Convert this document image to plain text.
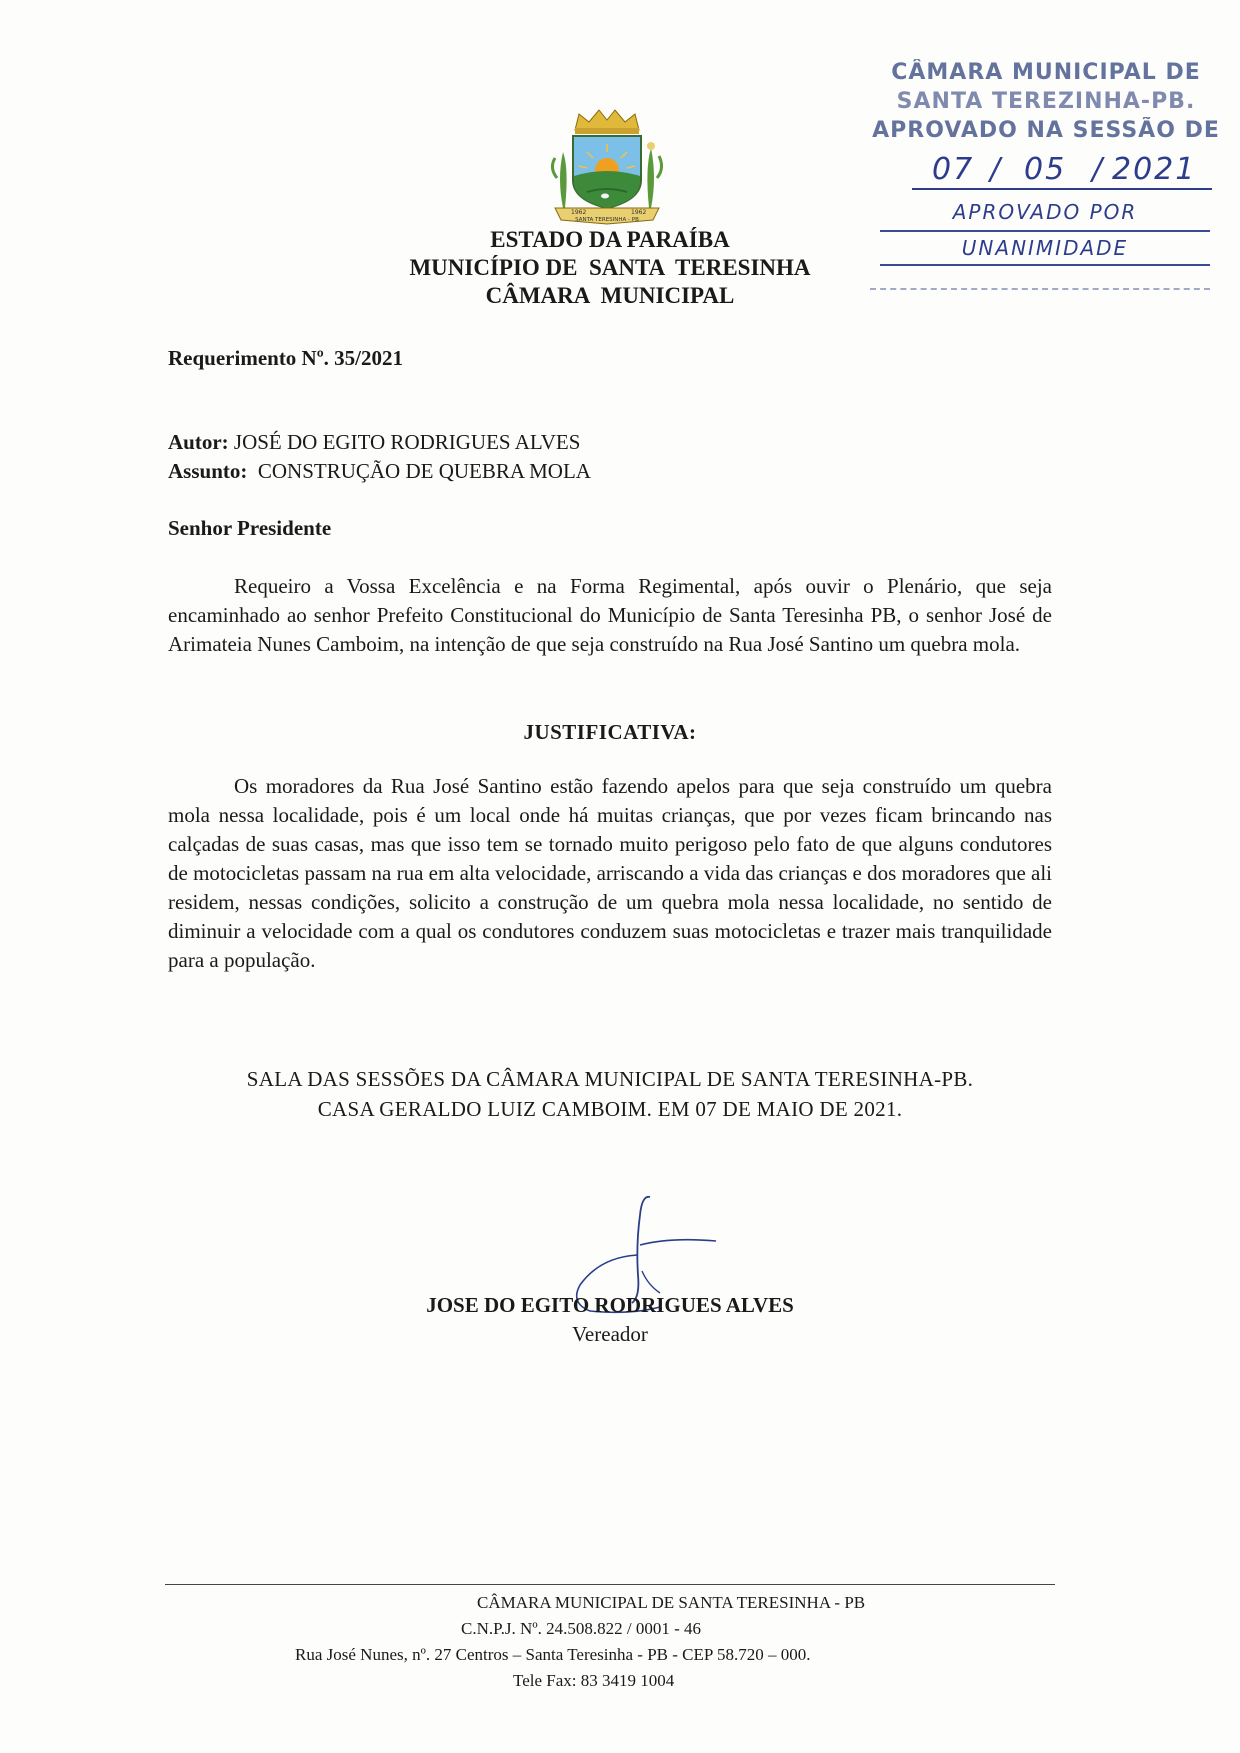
CÂMARA MUNICIPAL DE
SANTA TEREZINHA-PB.
APROVADO NA SESSÃO DE
07 / 05 / 2021
APROVADO POR
UNANIMIDADE
1962	1962
SANTA TERESINHA - PB
ESTADO DA PARAÍBA
MUNICÍPIO DE  SANTA  TERESINHA
CÂMARA  MUNICIPAL
Requerimento Nº. 35/2021
Autor: JOSÉ DO EGITO RODRIGUES ALVES
Assunto:  CONSTRUÇÃO DE QUEBRA MOLA
Senhor Presidente
Requeiro a Vossa Excelência e na Forma Regimental, após ouvir o Plenário, que seja encaminhado ao senhor Prefeito Constitucional do Município de Santa Teresinha PB, o senhor José de Arimateia Nunes Camboim, na intenção de que seja construído na Rua José Santino um quebra mola.
JUSTIFICATIVA:
Os moradores da Rua José Santino estão fazendo apelos para que seja construído um quebra mola nessa localidade, pois é um local onde há muitas crianças, que por vezes ficam brincando nas calçadas de suas casas, mas que isso tem se tornado muito perigoso pelo fato de que alguns condutores de motocicletas passam na rua em alta velocidade, arriscando a vida das crianças e dos moradores que ali residem, nessas condições, solicito a construção de um quebra mola nessa localidade, no sentido de diminuir a velocidade com a qual os condutores conduzem suas motocicletas e trazer mais tranquilidade para a população.
SALA DAS SESSÕES DA CÂMARA MUNICIPAL DE SANTA TERESINHA-PB.
CASA GERALDO LUIZ CAMBOIM. EM 07 DE MAIO DE 2021.
JOSE DO EGITO RODRIGUES ALVES
Vereador
CÂMARA MUNICIPAL DE SANTA TERESINHA - PB
C.N.P.J. Nº. 24.508.822 / 0001 - 46
Rua José Nunes, nº. 27 Centros – Santa Teresinha - PB - CEP 58.720 – 000.
Tele Fax: 83 3419 1004
